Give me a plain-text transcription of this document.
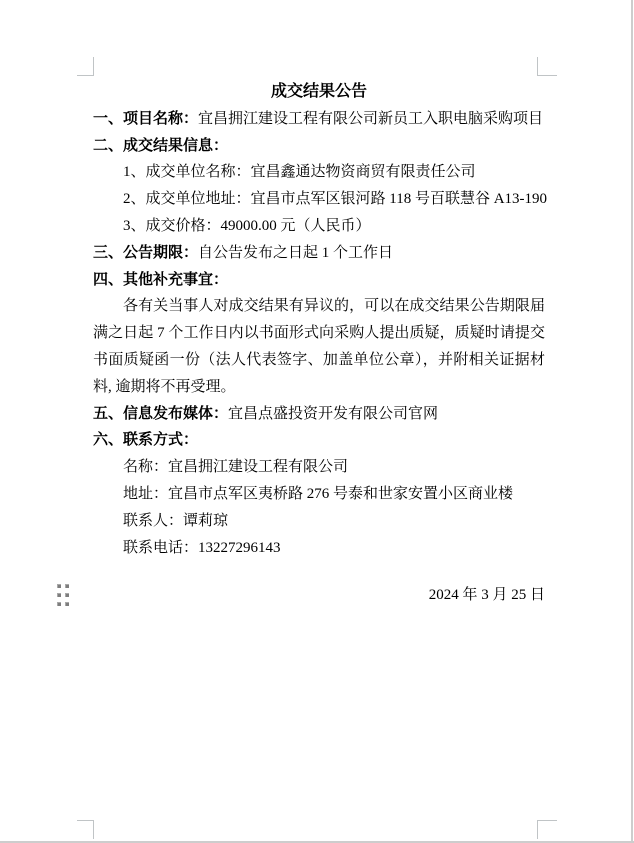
成交结果公告
一、项目名称：宜昌拥江建设工程有限公司新员工入职电脑采购项目
二、成交结果信息：
1、成交单位名称：宜昌鑫通达物资商贸有限责任公司
2、成交单位地址：宜昌市点军区银河路 118 号百联慧谷 A13-190
3、成交价格：49000.00 元（人民币）
三、公告期限：自公告发布之日起 1 个工作日
四、其他补充事宜：
各有关当事人对成交结果有异议的，可以在成交结果公告期限届满之日起 7 个工作日内以书面形式向采购人提出质疑，质疑时请提交书面质疑函一份（法人代表签字、加盖单位公章），并附相关证据材料, 逾期将不再受理。
五、信息发布媒体：宜昌点盛投资开发有限公司官网
六、联系方式：
名称：宜昌拥江建设工程有限公司
地址：宜昌市点军区夷桥路 276 号泰和世家安置小区商业楼
联系人：谭莉琼
联系电话：13227296143
2024 年 3 月 25 日
